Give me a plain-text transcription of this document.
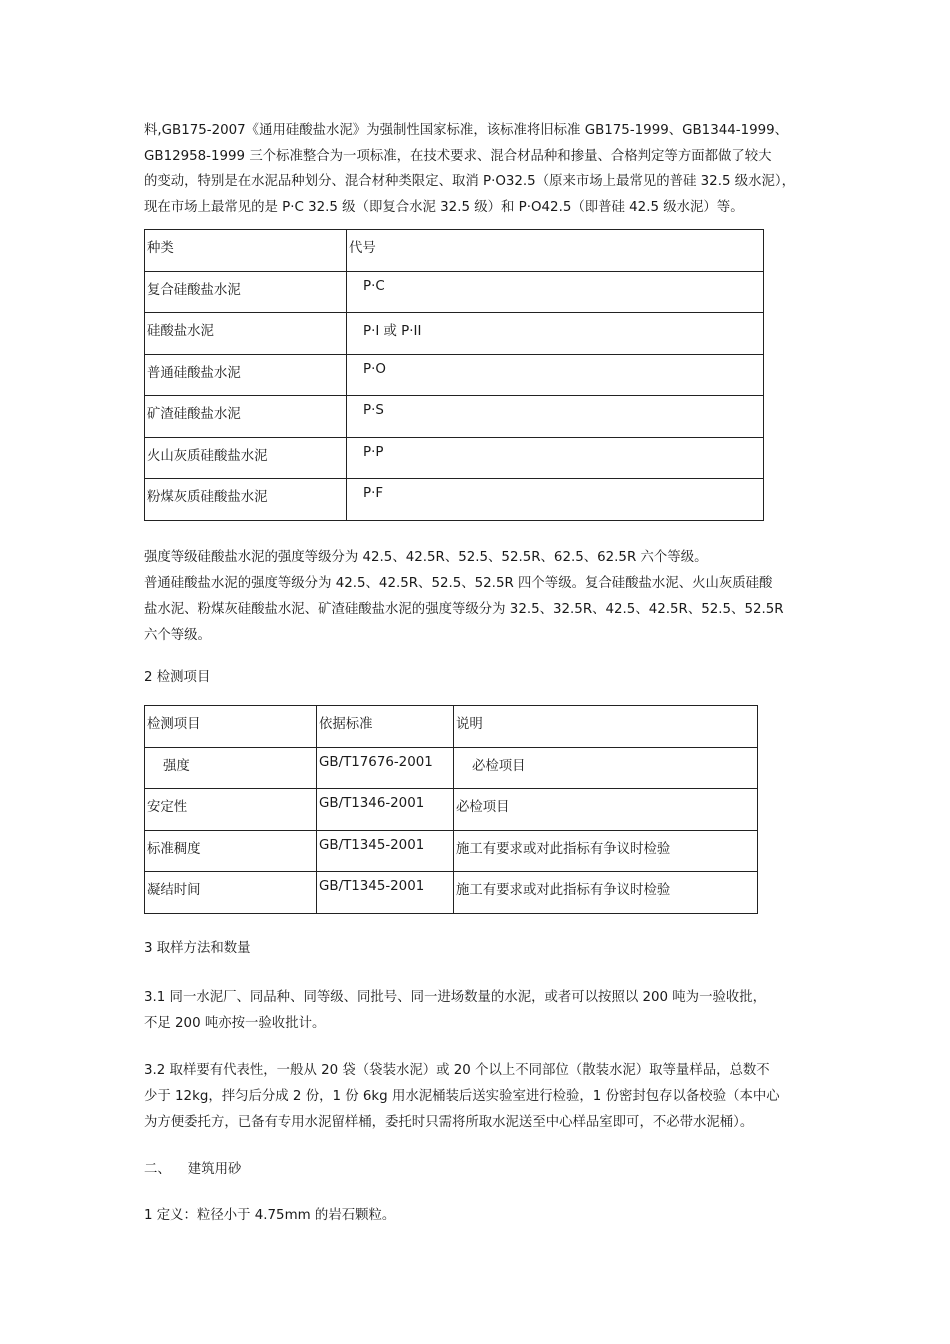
料,GB175-2007《通用硅酸盐水泥》为强制性国家标准，该标准将旧标准 GB175-1999、GB1344-1999、

GB12958-1999 三个标准整合为一项标准，在技术要求、混合材品种和掺量、合格判定等方面都做了较大

的变动，特别是在水泥品种划分、混合材种类限定、取消 P·O32.5（原来市场上最常见的普硅 32.5 级水泥），

现在市场上最常见的是 P·C 32.5 级（即复合水泥 32.5 级）和 P·O42.5（即普硅 42.5 级水泥）等。

种类	代号
复合硅酸盐水泥	P·C
硅酸盐水泥	P·I 或 P·II
普通硅酸盐水泥	P·O
矿渣硅酸盐水泥	P·S
火山灰质硅酸盐水泥	P·P
粉煤灰质硅酸盐水泥	P·F

强度等级硅酸盐水泥的强度等级分为 42.5、42.5R、52.5、52.5R、62.5、62.5R 六个等级。

普通硅酸盐水泥的强度等级分为 42.5、42.5R、52.5、52.5R 四个等级。复合硅酸盐水泥、火山灰质硅酸

盐水泥、粉煤灰硅酸盐水泥、矿渣硅酸盐水泥的强度等级分为 32.5、32.5R、42.5、42.5R、52.5、52.5R

六个等级。

2 检测项目
检测项目	依据标准	说明
强度	GB/T17676-2001	必检项目
安定性	GB/T1346-2001	必检项目
标准稠度	GB/T1345-2001	施工有要求或对此指标有争议时检验
凝结时间	GB/T1345-2001	施工有要求或对此指标有争议时检验
3 取样方法和数量

3.1 同一水泥厂、同品种、同等级、同批号、同一进场数量的水泥，或者可以按照以 200 吨为一验收批，

不足 200 吨亦按一验收批计。

3.2 取样要有代表性，一般从 20 袋（袋装水泥）或 20 个以上不同部位（散装水泥）取等量样品，总数不

少于 12kg，拌匀后分成 2 份，1 份 6kg 用水泥桶装后送实验室进行检验，1 份密封包存以备校验（本中心

为方便委托方，已备有专用水泥留样桶，委托时只需将所取水泥送至中心样品室即可，不必带水泥桶）。

二、    建筑用砂
1 定义：粒径小于 4.75mm 的岩石颗粒。
